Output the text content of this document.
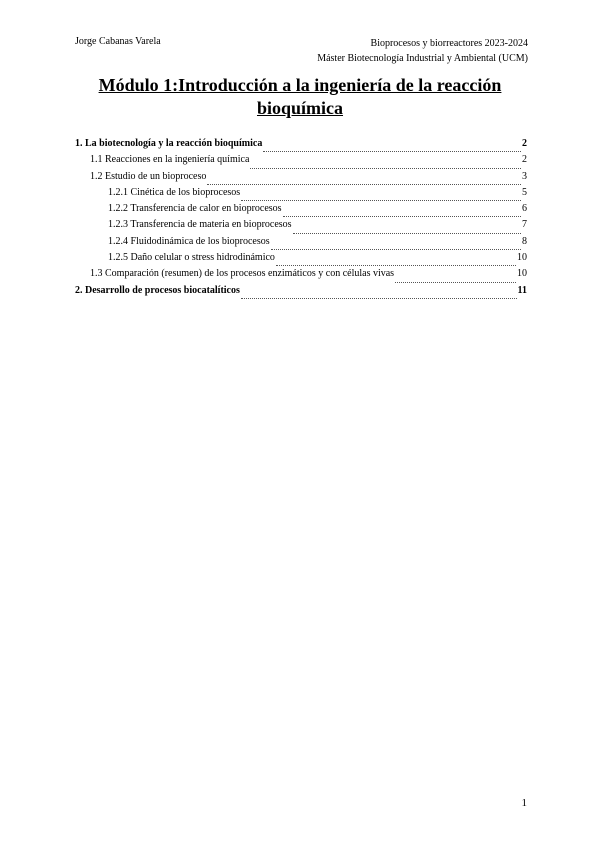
Jorge Cabanas Varela	Bioprocesos y biorreactores 2023-2024
Máster Biotecnología Industrial y Ambiental (UCM)
Módulo 1:Introducción a la ingeniería de la reacción bioquímica
1. La biotecnología y la reacción bioquímica	2
1.1 Reacciones en la ingeniería química	2
1.2 Estudio de un bioproceso	3
1.2.1 Cinética de los bioprocesos	5
1.2.2 Transferencia de calor en bioprocesos	6
1.2.3 Transferencia de materia en bioprocesos	7
1.2.4 Fluidodinámica de los bioprocesos	8
1.2.5 Daño celular o stress hidrodinámico	10
1.3 Comparación (resumen) de los procesos enzimáticos y con células vivas	10
2. Desarrollo de procesos biocatalíticos	11
1
